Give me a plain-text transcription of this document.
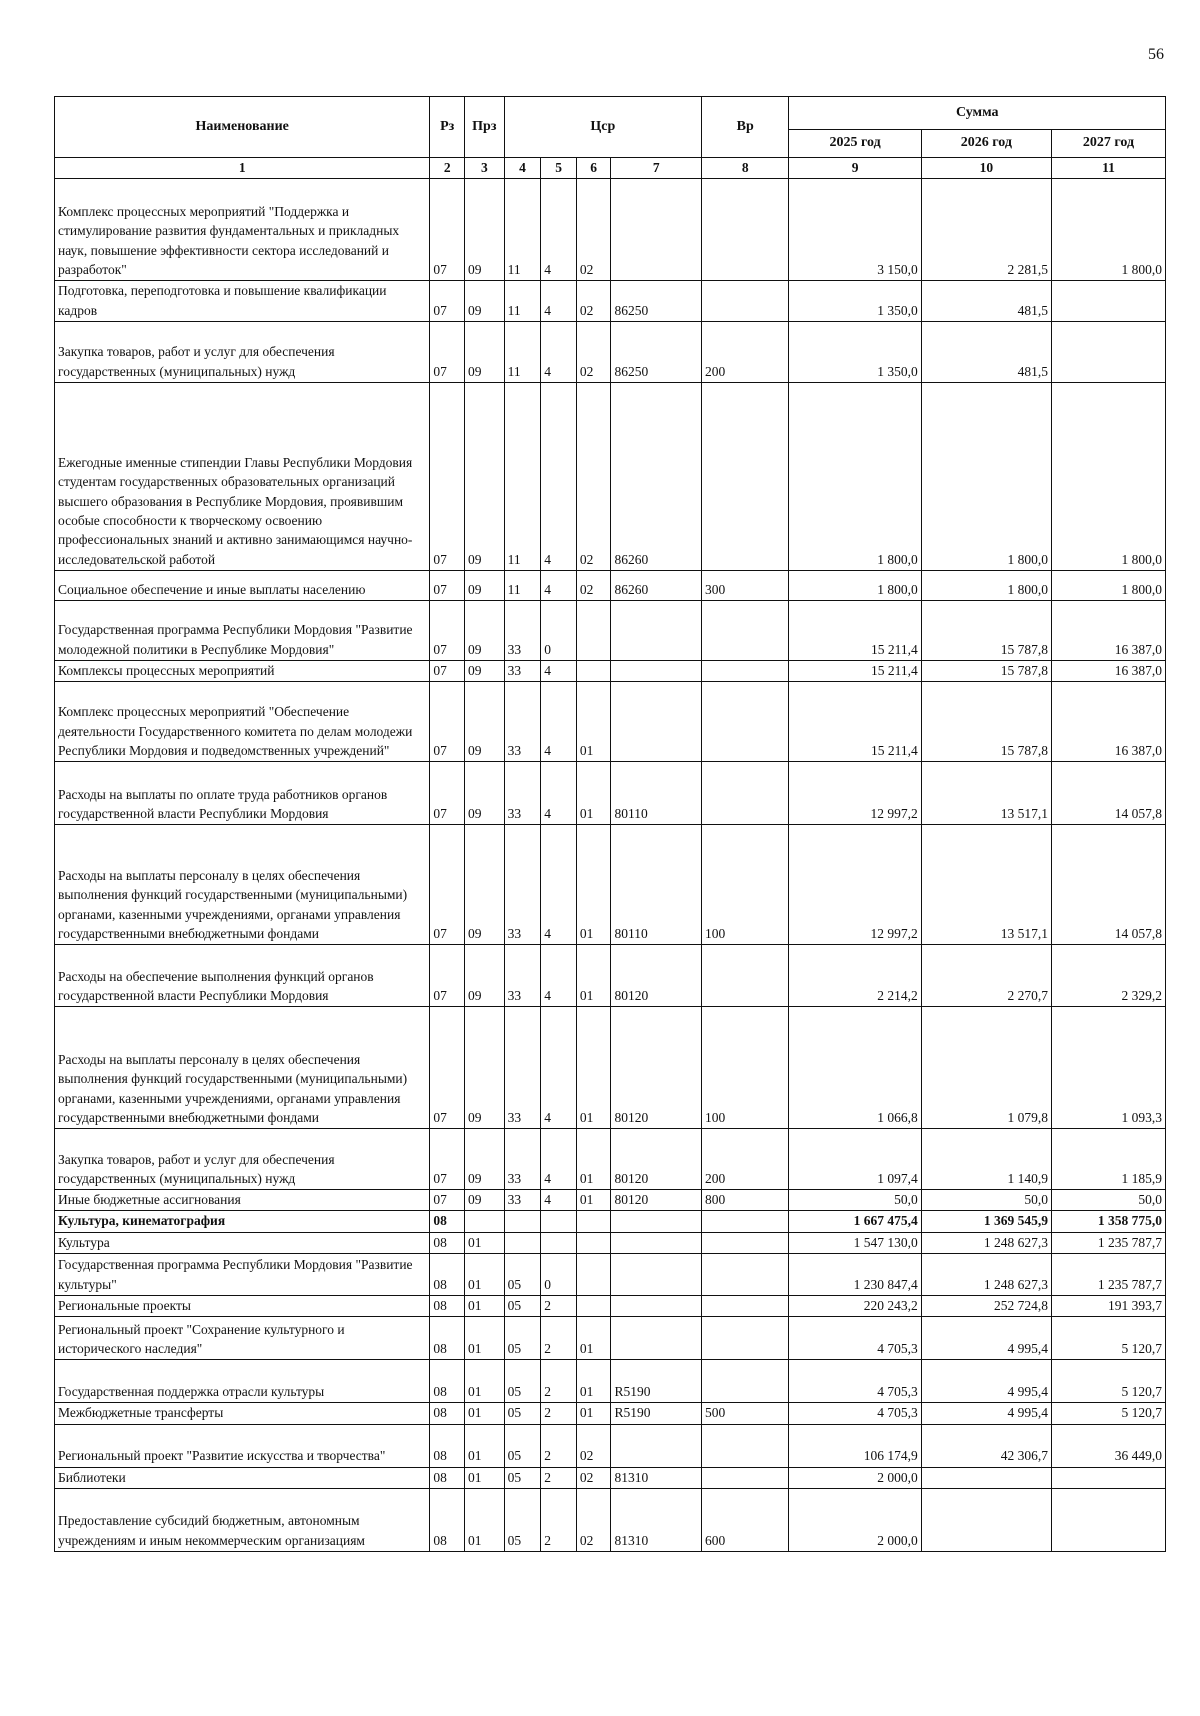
56
Наименование	Рз	Прз	Цср				Вр	Сумма		
								2025 год	2026 год	2027 год
1	2	3	4	5	6	7	8	9	10	11
Комплекс процессных мероприятий "Поддержка и стимулирование развития фундаментальных и прикладных наук, повышение эффективности сектора исследований и разработок"	07	09	11	4	02			3 150,0	2 281,5	1 800,0
Подготовка, переподготовка и повышение квалификации кадров	07	09	11	4	02	86250		1 350,0	481,5	
Закупка товаров, работ и услуг для обеспечения государственных (муниципальных) нужд	07	09	11	4	02	86250	200	1 350,0	481,5	
Ежегодные именные стипендии Главы Республики Мордовия студентам государственных образовательных организаций высшего образования в Республике Мордовия, проявившим особые способности к творческому освоению профессиональных знаний и активно занимающимся научно-исследовательской работой	07	09	11	4	02	86260		1 800,0	1 800,0	1 800,0
Социальное обеспечение и иные выплаты населению	07	09	11	4	02	86260	300	1 800,0	1 800,0	1 800,0
Государственная программа Республики Мордовия "Развитие молодежной политики в Республике Мордовия"	07	09	33	0				15 211,4	15 787,8	16 387,0
Комплексы процессных мероприятий	07	09	33	4				15 211,4	15 787,8	16 387,0
Комплекс процессных мероприятий "Обеспечение деятельности Государственного комитета по делам молодежи Республики Мордовия и подведомственных учреждений"	07	09	33	4	01			15 211,4	15 787,8	16 387,0
Расходы на выплаты по оплате труда работников органов государственной власти Республики Мордовия	07	09	33	4	01	80110		12 997,2	13 517,1	14 057,8
Расходы на выплаты персоналу в целях обеспечения выполнения функций государственными (муниципальными) органами, казенными учреждениями, органами управления государственными внебюджетными фондами	07	09	33	4	01	80110	100	12 997,2	13 517,1	14 057,8
Расходы на обеспечение выполнения функций органов государственной власти Республики Мордовия	07	09	33	4	01	80120		2 214,2	2 270,7	2 329,2
Расходы на выплаты персоналу в целях обеспечения выполнения функций государственными (муниципальными) органами, казенными учреждениями, органами управления государственными внебюджетными фондами	07	09	33	4	01	80120	100	1 066,8	1 079,8	1 093,3
Закупка товаров, работ и услуг для обеспечения государственных (муниципальных) нужд	07	09	33	4	01	80120	200	1 097,4	1 140,9	1 185,9
Иные бюджетные ассигнования	07	09	33	4	01	80120	800	50,0	50,0	50,0
Культура, кинематография	08							1 667 475,4	1 369 545,9	1 358 775,0
Культура	08	01						1 547 130,0	1 248 627,3	1 235 787,7
Государственная программа Республики Мордовия "Развитие культуры"	08	01	05	0				1 230 847,4	1 248 627,3	1 235 787,7
Региональные проекты	08	01	05	2				220 243,2	252 724,8	191 393,7
Региональный проект "Сохранение культурного и исторического наследия"	08	01	05	2	01			4 705,3	4 995,4	5 120,7
Государственная поддержка отрасли культуры	08	01	05	2	01	R5190		4 705,3	4 995,4	5 120,7
Межбюджетные трансферты	08	01	05	2	01	R5190	500	4 705,3	4 995,4	5 120,7
Региональный проект "Развитие искусства и творчества"	08	01	05	2	02			106 174,9	42 306,7	36 449,0
Библиотеки	08	01	05	2	02	81310		2 000,0		
Предоставление субсидий бюджетным, автономным учреждениям и иным некоммерческим организациям	08	01	05	2	02	81310	600	2 000,0		
